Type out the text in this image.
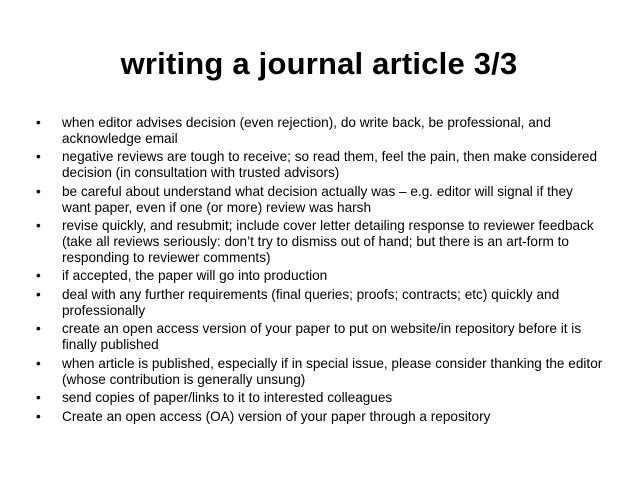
writing a journal article 3/3
• when editor advises decision (even rejection), do write back, be professional, and acknowledge email
• negative reviews are tough to receive; so read them, feel the pain, then make considered decision (in consultation with trusted advisors)
• be careful about understand what decision actually was – e.g. editor will signal if they want paper, even if one (or more) review was harsh
• revise quickly, and resubmit; include cover letter detailing response to reviewer feedback (take all reviews seriously: don’t try to dismiss out of hand; but there is an art-form to responding to reviewer comments)
• if accepted, the paper will go into production
• deal with any further requirements (final queries; proofs; contracts; etc) quickly and professionally
• create an open access version of your paper to put on website/in repository before it is finally published
• when article is published, especially if in special issue, please consider thanking the editor (whose contribution is generally unsung)
• send copies of paper/links to it to interested colleagues
• Create an open access (OA) version of your paper through a repository
